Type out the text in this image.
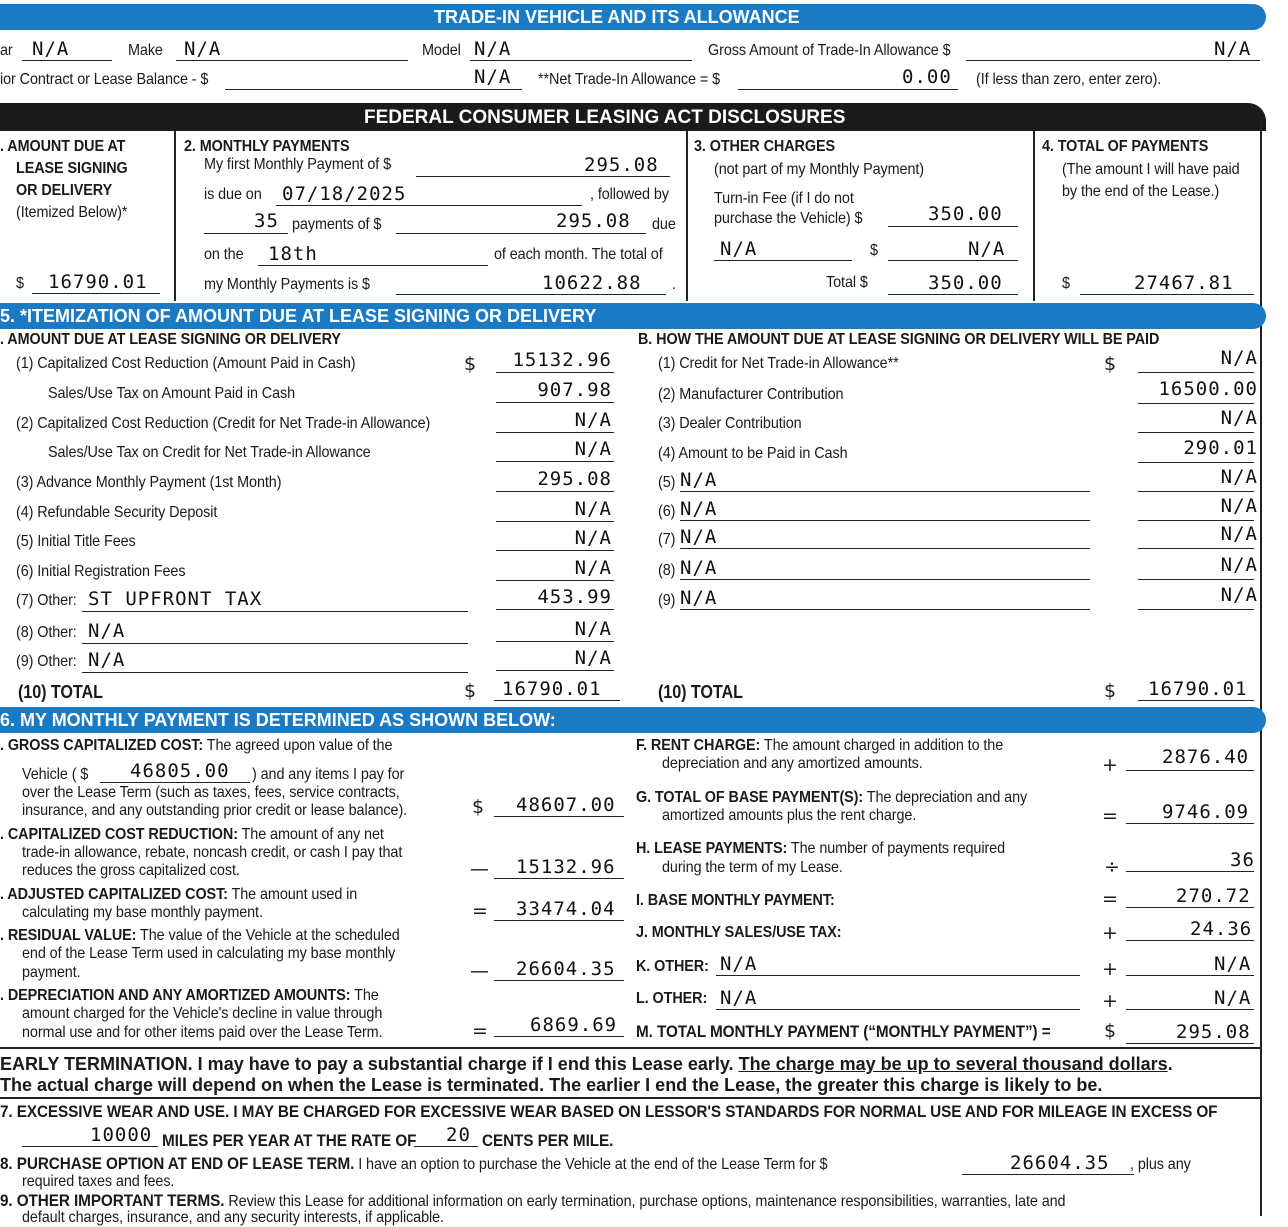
TRADE-IN VEHICLE AND ITS ALLOWANCE
ar N/A	Make N/A	Model N/A	Gross Amount of Trade-In Allowance $	N/A
ior Contract or Lease Balance - $	N/A **Net Trade-In Allowance = $	0.00 (If less than zero, enter zero).
FEDERAL CONSUMER LEASING ACT DISCLOSURES
. AMOUNT DUE AT
LEASE SIGNING
OR DELIVERY
(Itemized Below)*
$ 16790.01
2. MONTHLY PAYMENTS
My first Monthly Payment of $	295.08
is due on 07/18/2025	, followed by
35 payments of $	295.08 due
on the 18th	of each month. The total of
my Monthly Payments is $	10622.88 .
3. OTHER CHARGES
(not part of my Monthly Payment)
Turn-in Fee (if I do not
purchase the Vehicle) $	350.00
N/A	$	N/A
Total $	350.00
4. TOTAL OF PAYMENTS
(The amount I will have paid
by the end of the Lease.)
$	27467.81
5. *ITEMIZATION OF AMOUNT DUE AT LEASE SIGNING OR DELIVERY
. AMOUNT DUE AT LEASE SIGNING OR DELIVERY
(1) Capitalized Cost Reduction (Amount Paid in Cash)	$ 15132.96
Sales/Use Tax on Amount Paid in Cash	907.98
(2) Capitalized Cost Reduction (Credit for Net Trade-in Allowance)	N/A
Sales/Use Tax on Credit for Net Trade-in Allowance	N/A
(3) Advance Monthly Payment (1st Month)	295.08
(4) Refundable Security Deposit	N/A
(5) Initial Title Fees	N/A
(6) Initial Registration Fees	N/A
(7) Other: ST UPFRONT TAX	453.99
(8) Other: N/A	N/A
(9) Other: N/A	N/A
B. HOW THE AMOUNT DUE AT LEASE SIGNING OR DELIVERY WILL BE PAID
(1) Credit for Net Trade-in Allowance**	$	N/A
(2) Manufacturer Contribution	16500.00
(3) Dealer Contribution	N/A
(4) Amount to be Paid in Cash	290.01
(5) N/A	N/A
(6) N/A	N/A
(7) N/A	N/A
(8) N/A	N/A
(9) N/A	N/A
(10) TOTAL	$ 16790.01	(10) TOTAL	$ 16790.01
6. MY MONTHLY PAYMENT IS DETERMINED AS SHOWN BELOW:
. GROSS CAPITALIZED COST: The agreed upon value of the
Vehicle ( $ 46805.00 ) and any items I pay for
over the Lease Term (such as taxes, fees, service contracts,
insurance, and any outstanding prior credit or lease balance).	$ 48607.00
. CAPITALIZED COST REDUCTION: The amount of any net
trade-in allowance, rebate, noncash credit, or cash I pay that
reduces the gross capitalized cost.	— 15132.96
. ADJUSTED CAPITALIZED COST: The amount used in
calculating my base monthly payment.	= 33474.04
. RESIDUAL VALUE: The value of the Vehicle at the scheduled
end of the Lease Term used in calculating my base monthly
payment.	— 26604.35
. DEPRECIATION AND ANY AMORTIZED AMOUNTS: The
amount charged for the Vehicle's decline in value through
normal use and for other items paid over the Lease Term.	= 6869.69
F. RENT CHARGE: The amount charged in addition to the
depreciation and any amortized amounts.	+ 2876.40
G. TOTAL OF BASE PAYMENT(S): The depreciation and any
amortized amounts plus the rent charge.	= 9746.09
H. LEASE PAYMENTS: The number of payments required
during the term of my Lease.	÷	36
I. BASE MONTHLY PAYMENT:	=	270.72
J. MONTHLY SALES/USE TAX:	+	24.36
K. OTHER: N/A	+	N/A
L. OTHER: N/A	+	N/A
M. TOTAL MONTHLY PAYMENT (“MONTHLY PAYMENT”) =	$	295.08
EARLY TERMINATION. I may have to pay a substantial charge if I end this Lease early. The charge may be up to several thousand dollars.
The actual charge will depend on when the Lease is terminated. The earlier I end the Lease, the greater this charge is likely to be.
7. EXCESSIVE WEAR AND USE. I MAY BE CHARGED FOR EXCESSIVE WEAR BASED ON LESSOR'S STANDARDS FOR NORMAL USE AND FOR MILEAGE IN EXCESS OF
10000 MILES PER YEAR AT THE RATE OF 20 CENTS PER MILE.
8. PURCHASE OPTION AT END OF LEASE TERM. I have an option to purchase the Vehicle at the end of the Lease Term for $	26604.35 , plus any
required taxes and fees.
9. OTHER IMPORTANT TERMS. Review this Lease for additional information on early termination, purchase options, maintenance responsibilities, warranties, late and
default charges, insurance, and any security interests, if applicable.
